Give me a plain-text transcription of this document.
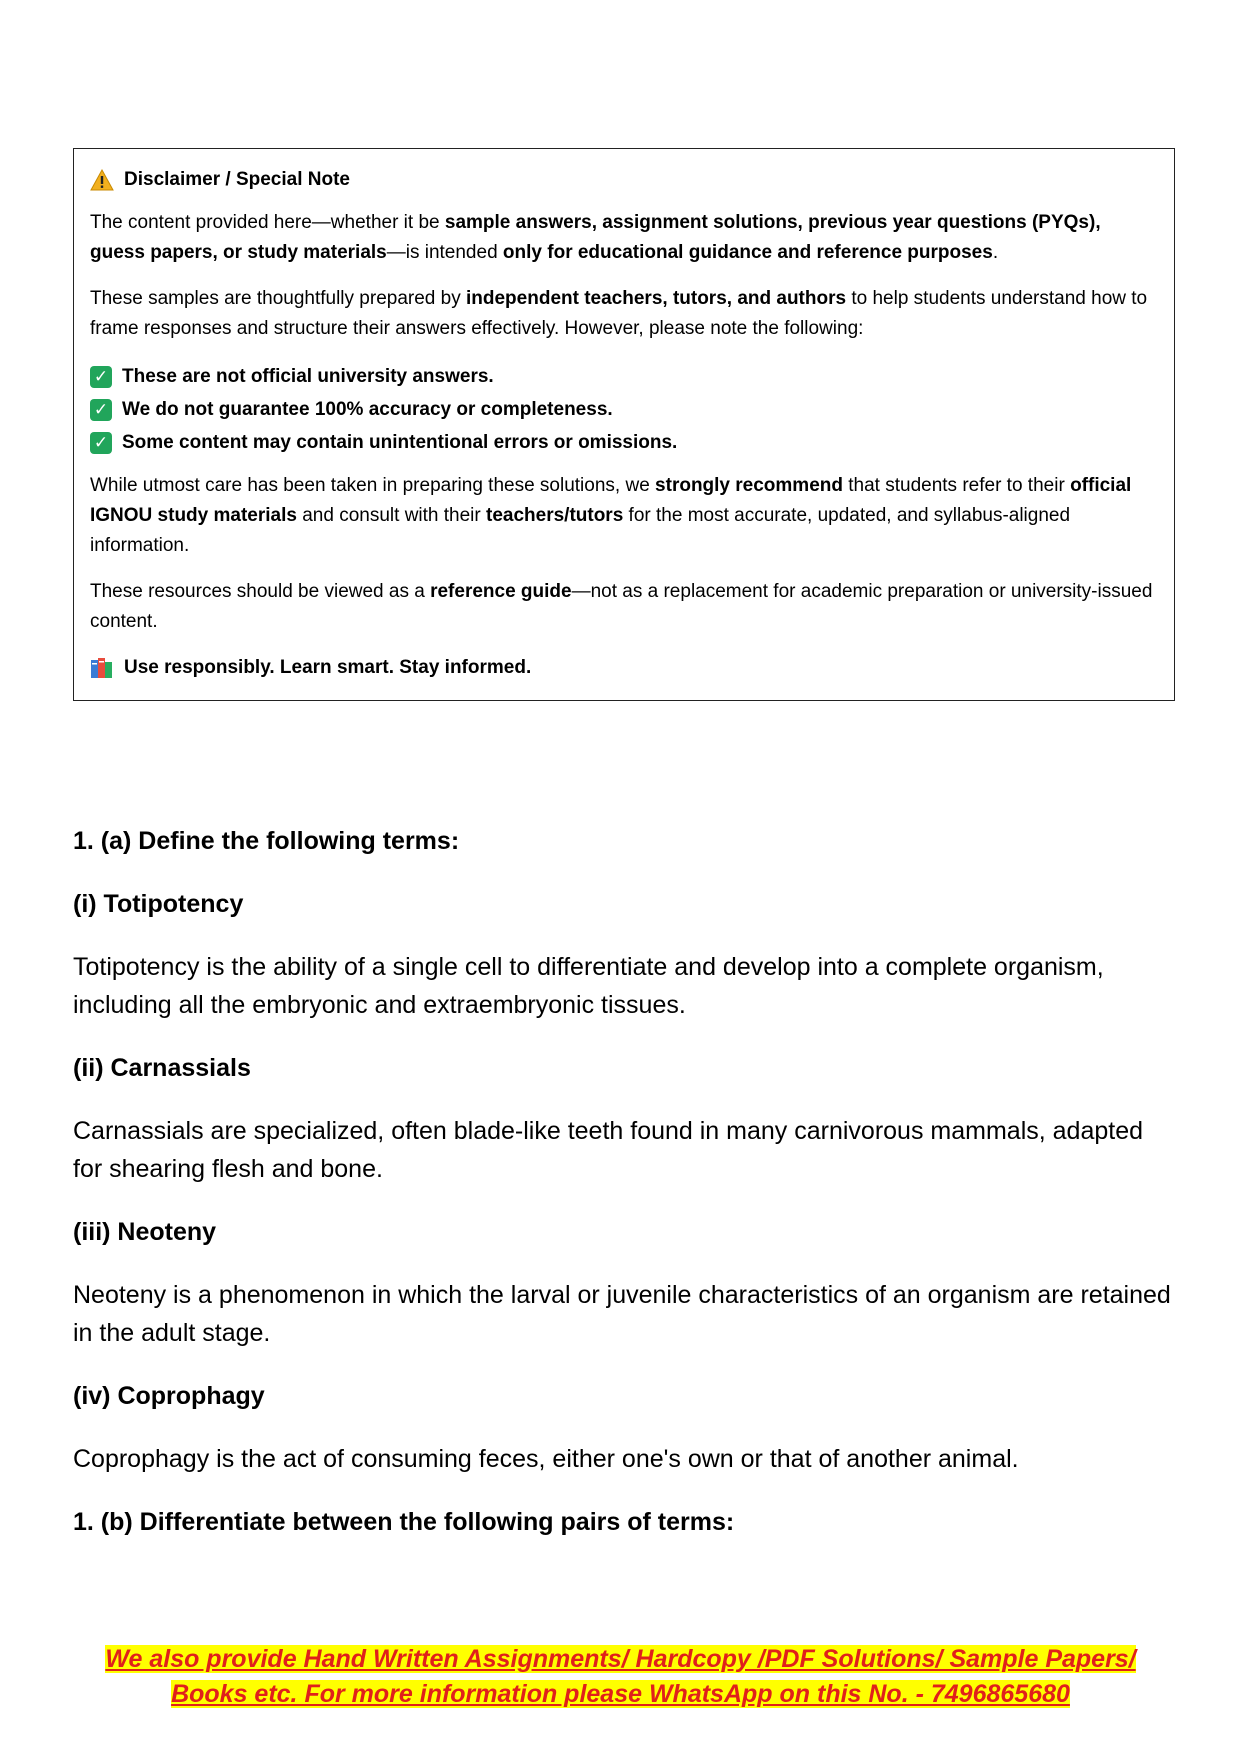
Disclaimer / Special Note

The content provided here—whether it be sample answers, assignment solutions, previous year questions (PYQs), guess papers, or study materials—is intended only for educational guidance and reference purposes.

These samples are thoughtfully prepared by independent teachers, tutors, and authors to help students understand how to frame responses and structure their answers effectively. However, please note the following:

✓ These are not official university answers.
✓ We do not guarantee 100% accuracy or completeness.
✓ Some content may contain unintentional errors or omissions.

While utmost care has been taken in preparing these solutions, we strongly recommend that students refer to their official IGNOU study materials and consult with their teachers/tutors for the most accurate, updated, and syllabus-aligned information.

These resources should be viewed as a reference guide—not as a replacement for academic preparation or university-issued content.

Use responsibly. Learn smart. Stay informed.
1. (a) Define the following terms:
(i) Totipotency
Totipotency is the ability of a single cell to differentiate and develop into a complete organism, including all the embryonic and extraembryonic tissues.
(ii) Carnassials
Carnassials are specialized, often blade-like teeth found in many carnivorous mammals, adapted for shearing flesh and bone.
(iii) Neoteny
Neoteny is a phenomenon in which the larval or juvenile characteristics of an organism are retained in the adult stage.
(iv) Coprophagy
Coprophagy is the act of consuming feces, either one's own or that of another animal.
1. (b) Differentiate between the following pairs of terms:
We also provide Hand Written Assignments/ Hardcopy /PDF Solutions/ Sample Papers/
Books etc. For more information please WhatsApp on this No. - 7496865680
